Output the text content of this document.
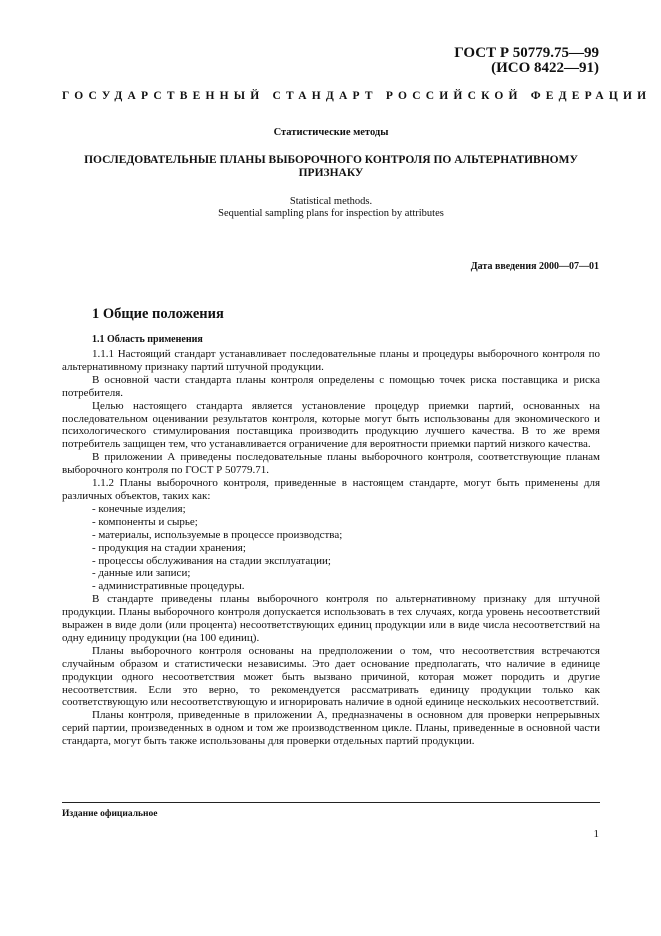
ГОСТ Р 50779.75—99
(ИСО 8422—91)
ГОСУДАРСТВЕННЫЙ СТАНДАРТ РОССИЙСКОЙ ФЕДЕРАЦИИ
Статистические методы
ПОСЛЕДОВАТЕЛЬНЫЕ ПЛАНЫ ВЫБОРОЧНОГО КОНТРОЛЯ ПО АЛЬТЕРНАТИВНОМУ
ПРИЗНАКУ
Statistical methods.
Sequential sampling plans for inspection by attributes
Дата введения 2000—07—01
1 Общие положения
1.1 Область применения

1.1.1 Настоящий стандарт устанавливает последовательные планы и процедуры выборочного контроля по альтернативному признаку партий штучной продукции.

В основной части стандарта планы контроля определены с помощью точек риска поставщика и риска потребителя.

Целью настоящего стандарта является установление процедур приемки партий, основанных на последовательном оценивании результатов контроля, которые могут быть использованы для экономического и психологического стимулирования поставщика производить продукцию лучшего качества. В то же время потребитель защищен тем, что устанавливается ограничение для вероятности приемки партий низкого качества.

В приложении А приведены последовательные планы выборочного контроля, соответствующие планам выборочного контроля по ГОСТ Р 50779.71.

1.1.2 Планы выборочного контроля, приведенные в настоящем стандарте, могут быть применены для различных объектов, таких как:

- конечные изделия;
- компоненты и сырье;
- материалы, используемые в процессе производства;
- продукция на стадии хранения;
- процессы обслуживания на стадии эксплуатации;
- данные или записи;
- административные процедуры.

В стандарте приведены планы выборочного контроля по альтернативному признаку для штучной продукции. Планы выборочного контроля допускается использовать в тех случаях, когда уровень несоответствий выражен в виде доли (или процента) несоответствующих единиц продукции или в виде числа несоответствий на одну единицу продукции (на 100 единиц).

Планы выборочного контроля основаны на предположении о том, что несоответствия встречаются случайным образом и статистически независимы. Это дает основание предполагать, что наличие в единице продукции одного несоответствия может быть вызвано причиной, которая может породить и другие несоответствия. Если это верно, то рекомендуется рассматривать единицу продукции только как соответствующую или несоответствующую и игнорировать наличие в одной единице нескольких несоответствий.

Планы контроля, приведенные в приложении А, предназначены в основном для проверки непрерывных серий партии, произведенных в одном и том же производственном цикле. Планы, приведенные в основной части стандарта, могут быть также использованы для проверки отдельных партий продукции.

Издание официальное
1
